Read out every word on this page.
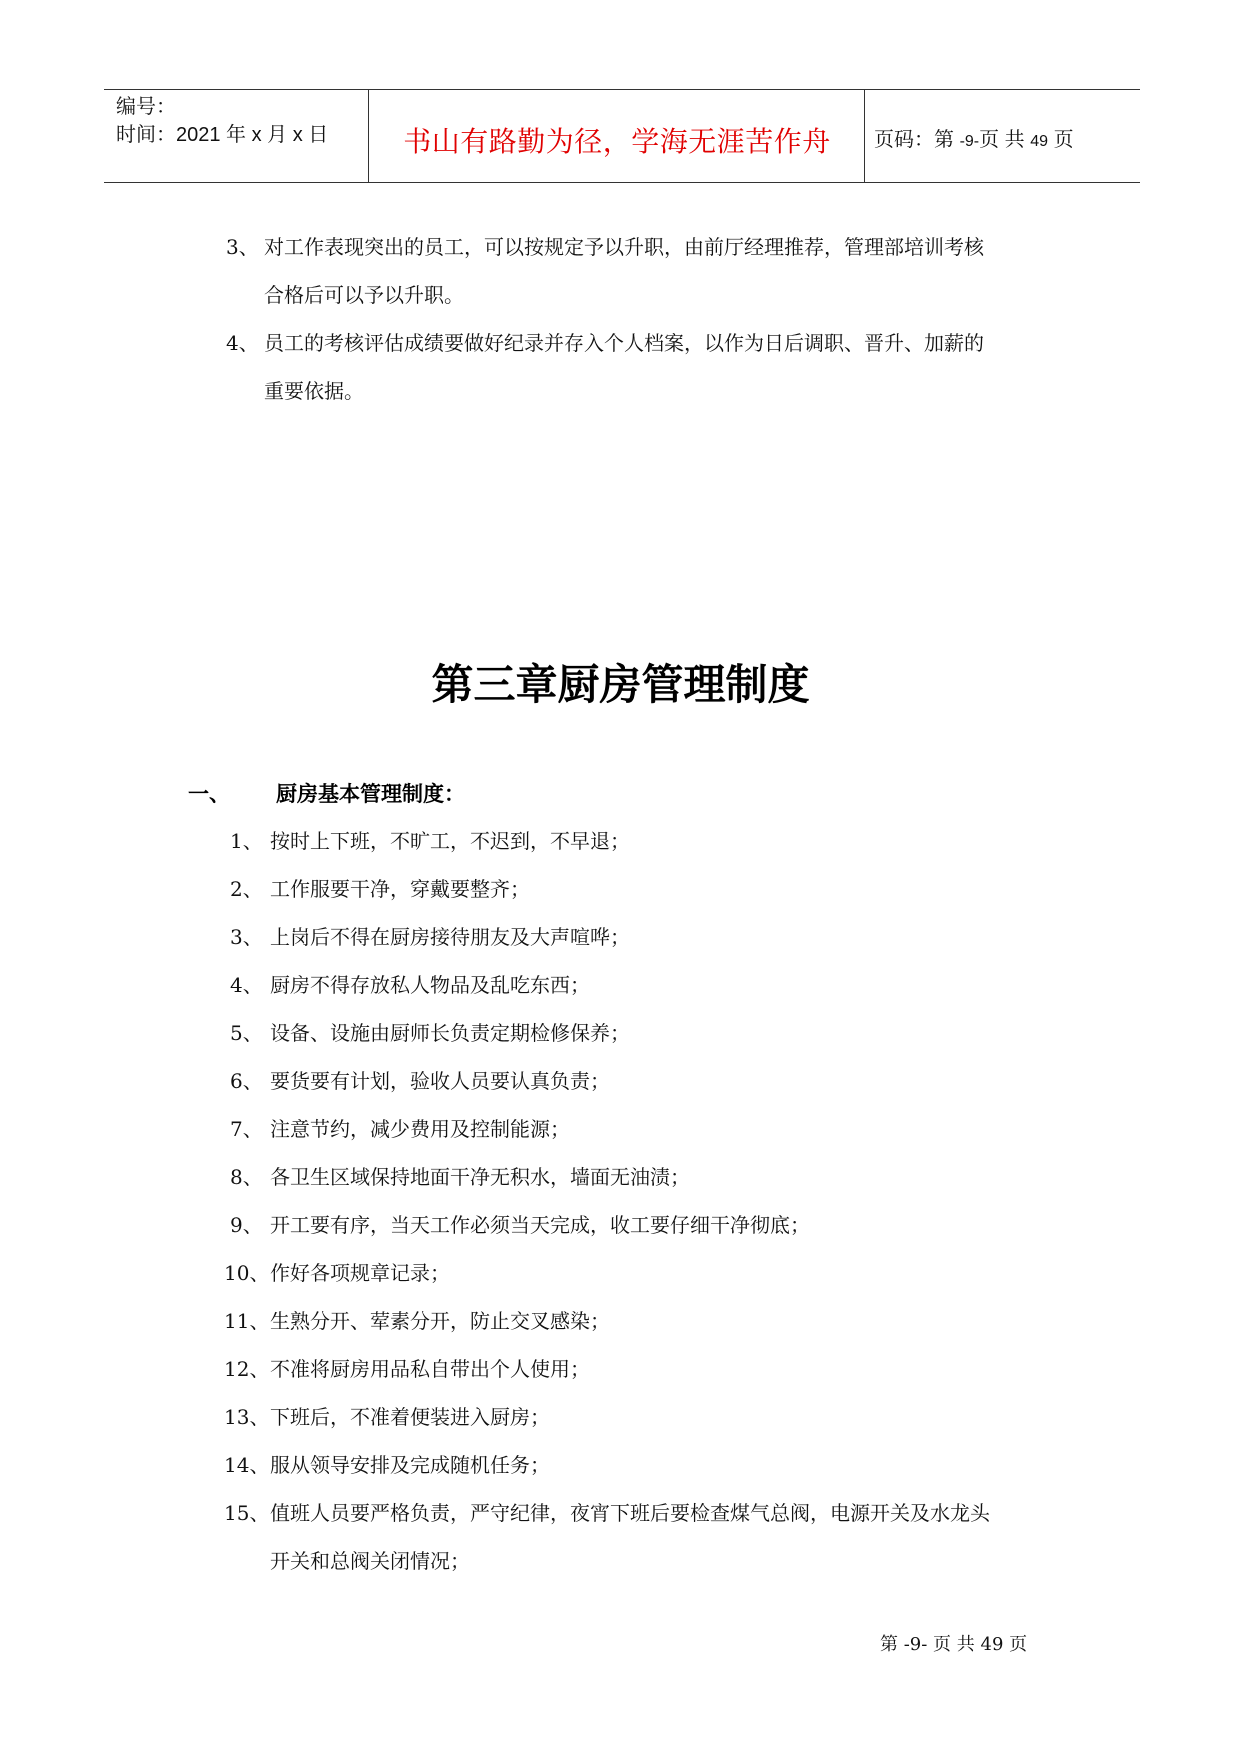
编号：
时间：2021 年 x 月 x 日	书山有路勤为径，学海无涯苦作舟	页码：第 -9-页 共 49 页
3、 对工作表现突出的员工，可以按规定予以升职，由前厅经理推荐，管理部培训考核
合格后可以予以升职。
4、 员工的考核评估成绩要做好纪录并存入个人档案，以作为日后调职、晋升、加薪的
重要依据。
第三章厨房管理制度
一、 厨房基本管理制度：
1、 按时上下班，不旷工，不迟到，不早退；
2、 工作服要干净，穿戴要整齐；
3、 上岗后不得在厨房接待朋友及大声喧哗；
4、 厨房不得存放私人物品及乱吃东西；
5、 设备、设施由厨师长负责定期检修保养；
6、 要货要有计划，验收人员要认真负责；
7、 注意节约，减少费用及控制能源；
8、 各卫生区域保持地面干净无积水，墙面无油渍；
9、 开工要有序，当天工作必须当天完成，收工要仔细干净彻底；
10、作好各项规章记录；
11、生熟分开、荤素分开，防止交叉感染；
12、不准将厨房用品私自带出个人使用；
13、下班后，不准着便装进入厨房；
14、服从领导安排及完成随机任务；
15、值班人员要严格负责，严守纪律，夜宵下班后要检查煤气总阀，电源开关及水龙头
开关和总阀关闭情况；
第 -9- 页 共 49 页
